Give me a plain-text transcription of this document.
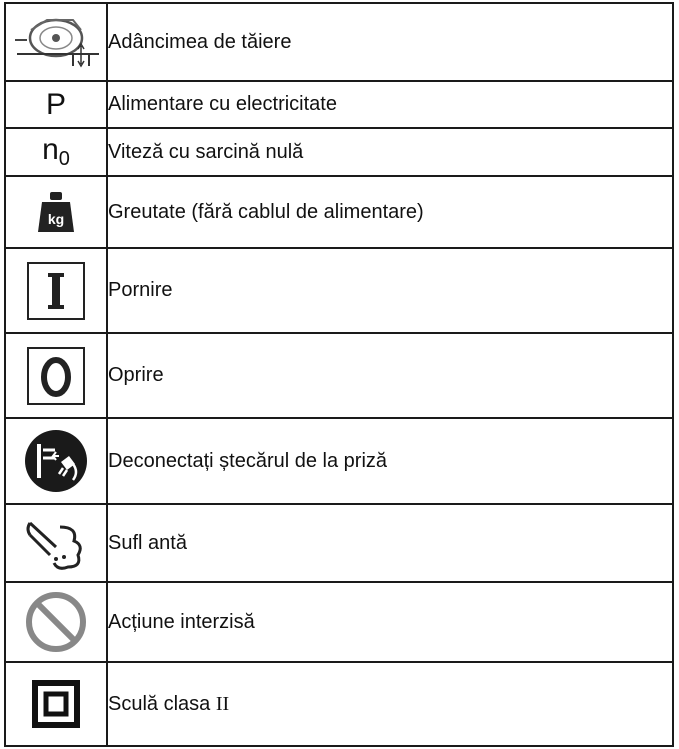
	Adâncimea de tăiere
P	Alimentare cu electricitate
$n_0$	Viteză cu sarcină nulă

kg	Greutate (fără cablul de alimentare)

	Pornire

	Oprire

	Deconectați ștecărul de la priză

	Sufl antă

	Acțiune interzisă

	Sculă clasa II
